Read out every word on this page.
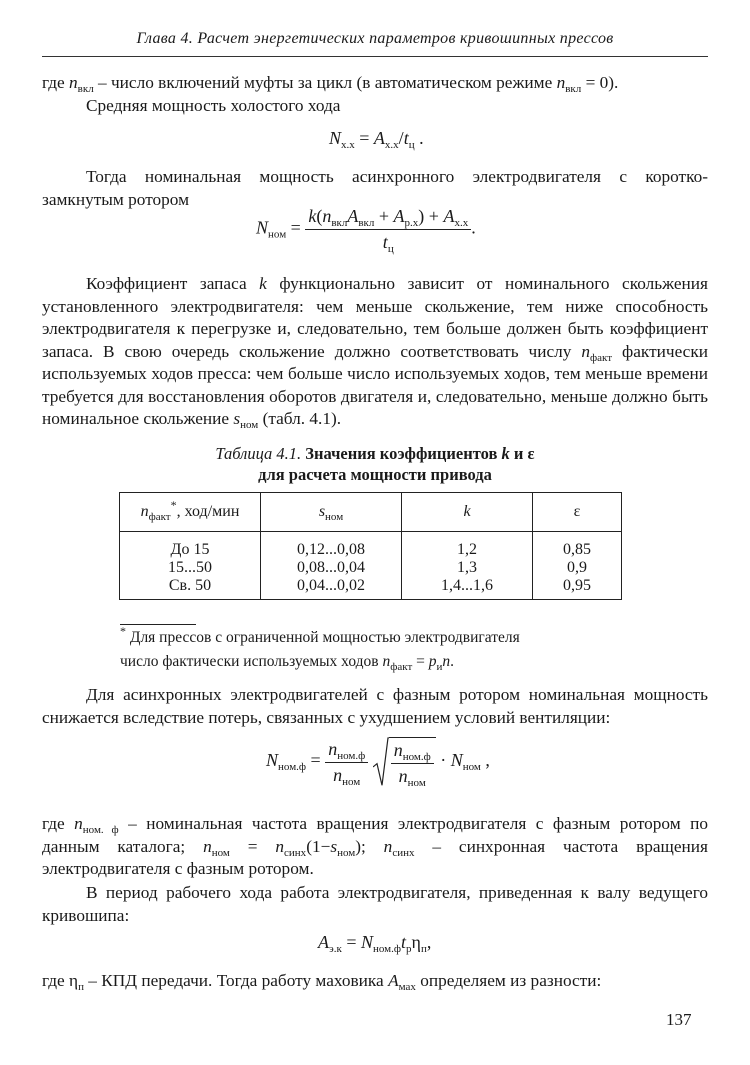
Глава 4. Расчет энергетических параметров кривошипных прессов
где $n_{вкл}$ – число включений муфты за цикл (в автоматическом режиме $n_{вкл} = 0$).
Средняя мощность холостого хода
$N_{х.х} = A_{х.х}/t_ц$ .
Тогда номинальная мощность асинхронного электродвигателя с коротко-
замкнутым ротором
$N_{ном} = \frac{k(n_{вкл}A_{вкл} + A_{р.х}) + A_{х.х}}{t_ц}$ .
Коэффициент запаса k функционально зависит от номинального скольжения установленного электродвигателя: чем меньше скольжение, тем ниже способность электродвигателя к перегрузке и, следовательно, тем больше должен быть коэффициент запаса. В свою очередь скольжение должно соответствовать числу $n_{факт}$ фактически используемых ходов пресса: чем больше число используемых ходов, тем меньше времени требуется для восстановления оборотов двигателя и, следовательно, меньше должно быть номинальное скольжение $s_{ном}$ (табл. 4.1).
Таблица 4.1. Значения коэффициентов k и ε
для расчета мощности привода
$n_{факт}^*$, ход/мин	$s_{ном}$	k	ε
До 15	0,12...0,08	1,2	0,85
15...50	0,08...0,04	1,3	0,9
Св. 50	0,04...0,02	1,4...1,6	0,95
* Для прессов с ограниченной мощностью электродвигателя
число фактически используемых ходов $n_{факт} = p_иn$.
Для асинхронных электродвигателей с фазным ротором номинальная мощность снижается вследствие потерь, связанных с ухудшением условий вентиляции:
$N_{ном.ф} = \frac{n_{ном.ф}}{n_{ном}}$
$\frac{n_{ном.ф}}{n_{ном}} \cdot N_{ном}$ ,
где $n_{ном. ф}$ – номинальная частота вращения электродвигателя с фазным ротором по данным каталога; $n_{ном} = n_{синх}(1-s_{ном})$; $n_{синх}$ – синхронная частота вращения электродвигателя с фазным ротором.
В период рабочего хода работа электродвигателя, приведенная к валу ведущего кривошипа:
$A_{э.к} = N_{ном.ф}t_р\eta_п$,
где $\eta_п$ – КПД передачи. Тогда работу маховика $A_{мах}$ определяем из разности:
137
